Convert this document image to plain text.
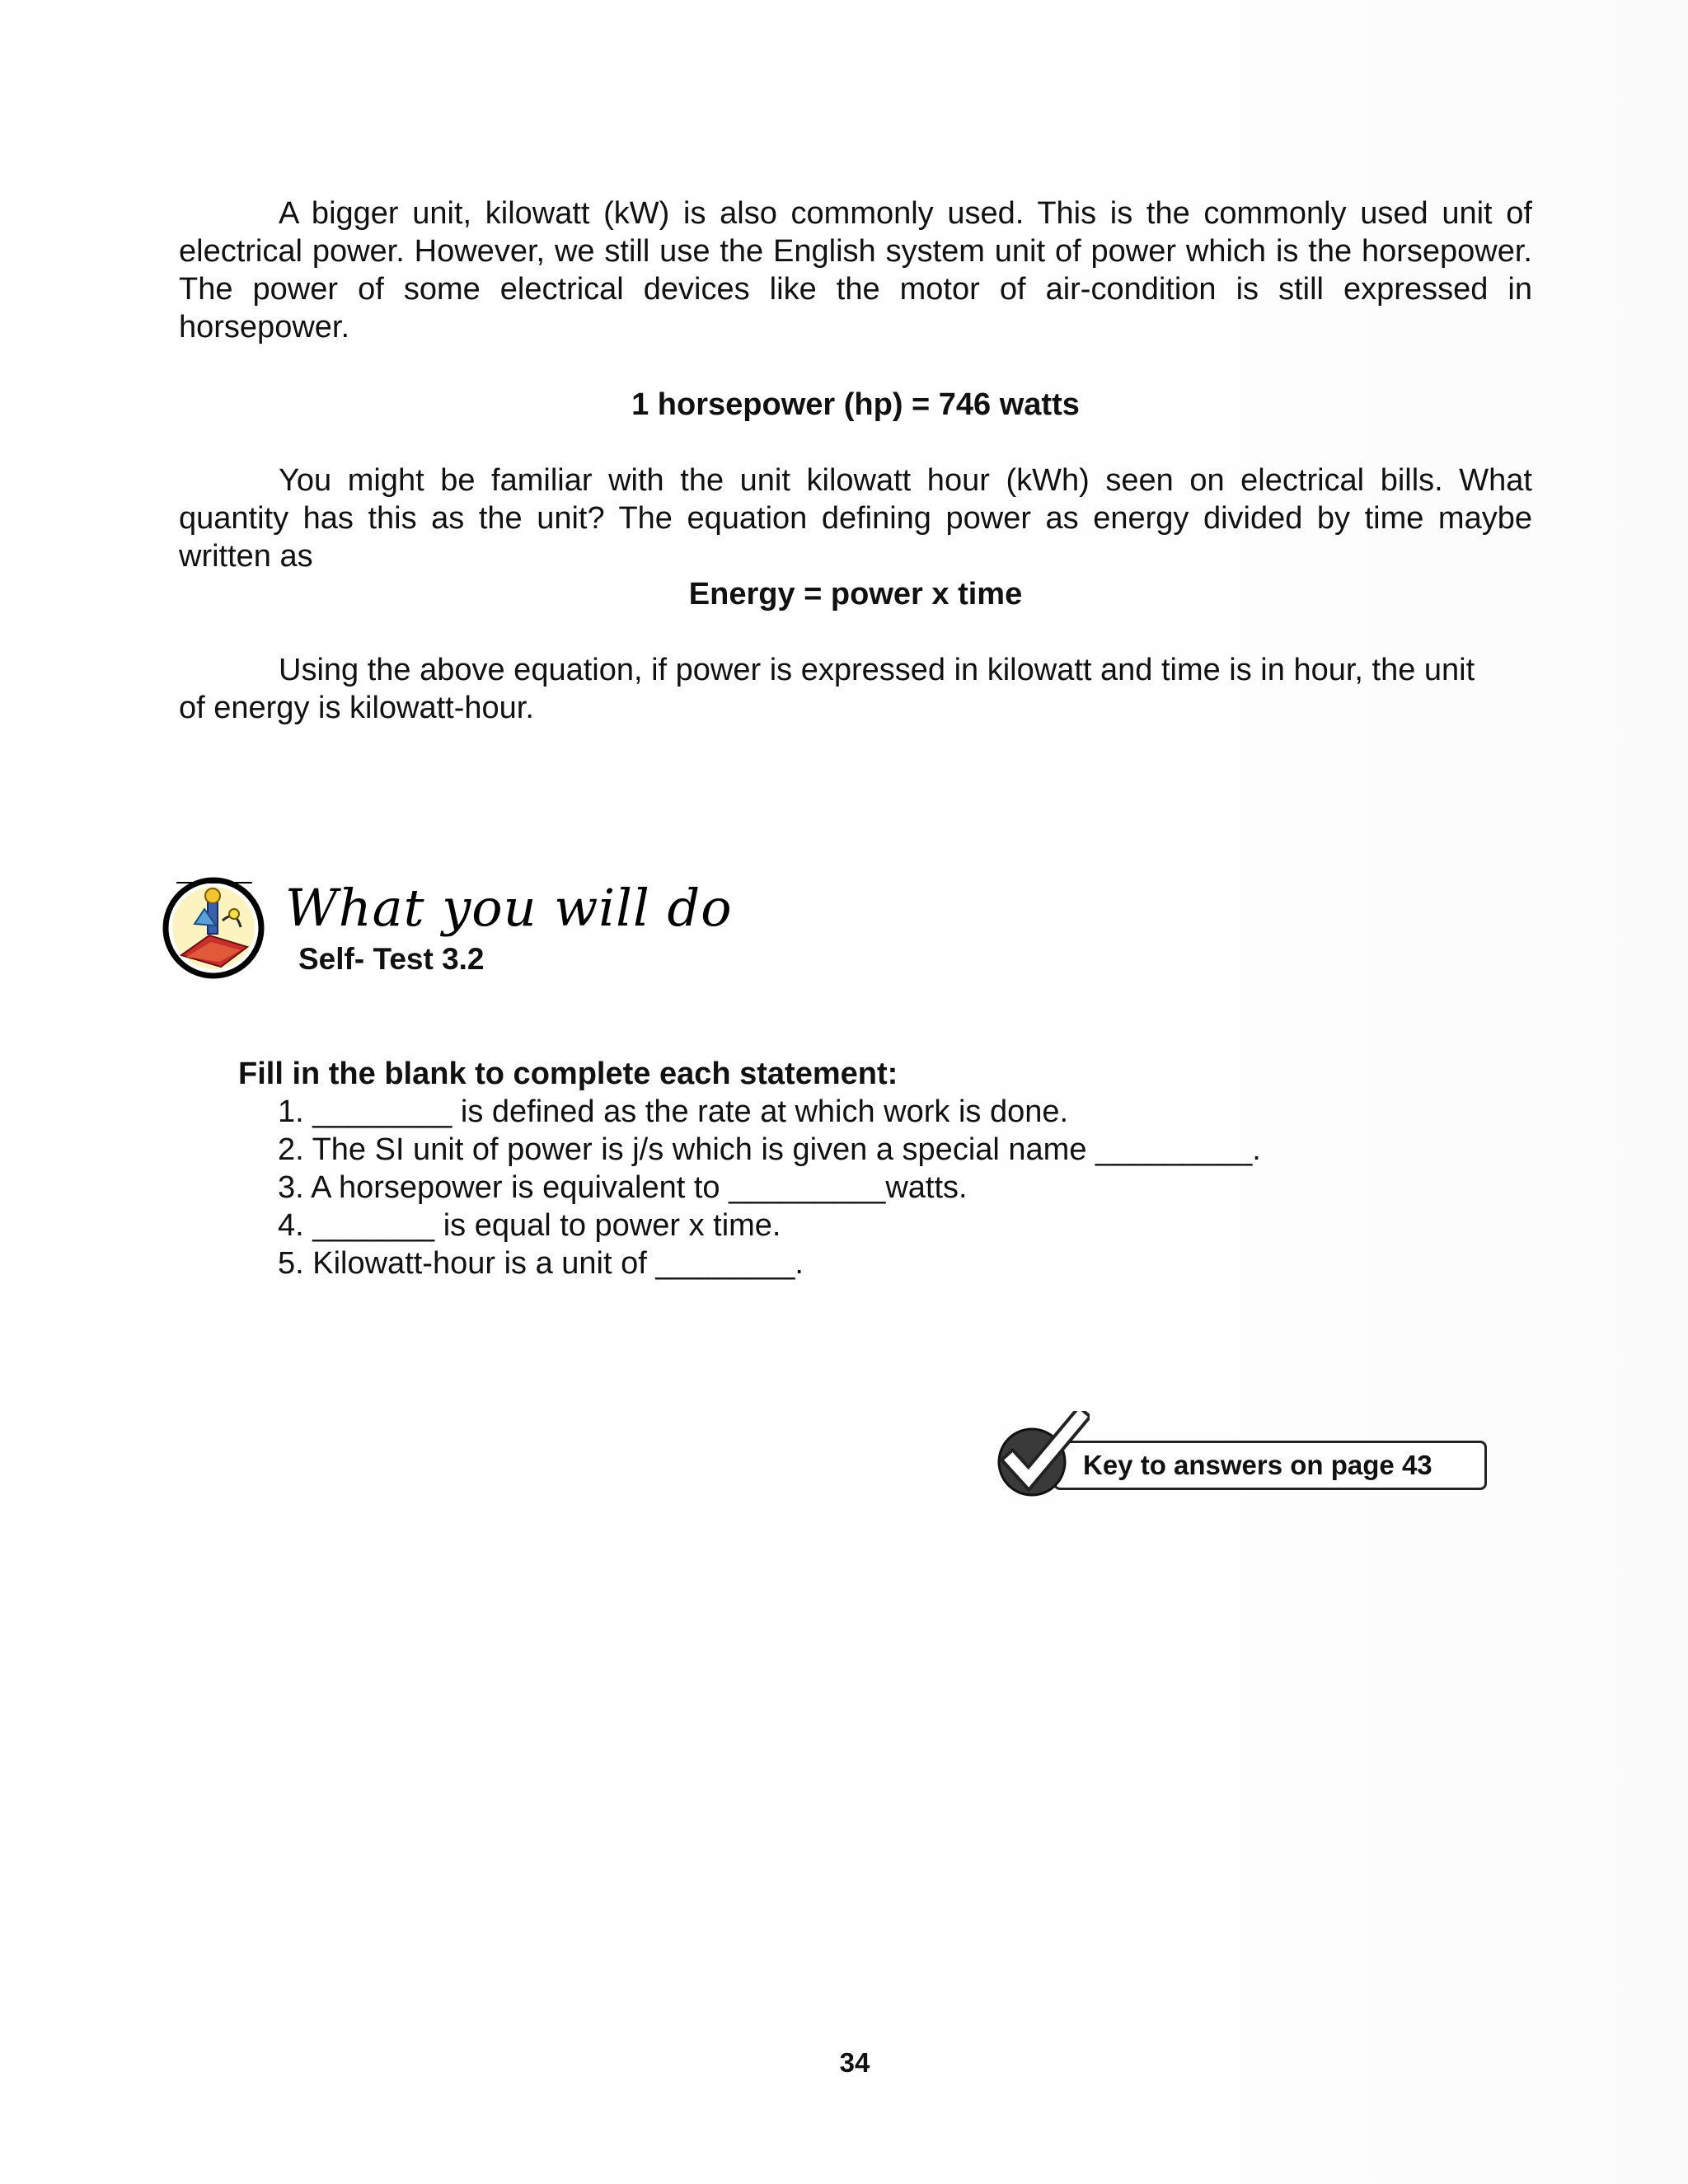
A bigger unit, kilowatt (kW) is also commonly used. This is the commonly used unit of electrical power. However, we still use the English system unit of power which is the horsepower. The power of some electrical devices like the motor of air-condition is still expressed in horsepower.

1 horsepower (hp) = 746 watts

You might be familiar with the unit kilowatt hour (kWh) seen on electrical bills. What quantity has this as the unit? The equation defining power as energy divided by time maybe written as

Energy = power x time

Using the above equation, if power is expressed in kilowatt and time is in hour, the unit of energy is kilowatt-hour.

What you will do

Self- Test 3.2

Fill in the blank to complete each statement:

1. ________ is defined as the rate at which work is done.
2. The SI unit of power is j/s which is given a special name _________.
3. A horsepower is equivalent to _________watts.
4. _______ is equal to power x time.
5. Kilowatt-hour is a unit of ________.

Key to answers on page 43

34
